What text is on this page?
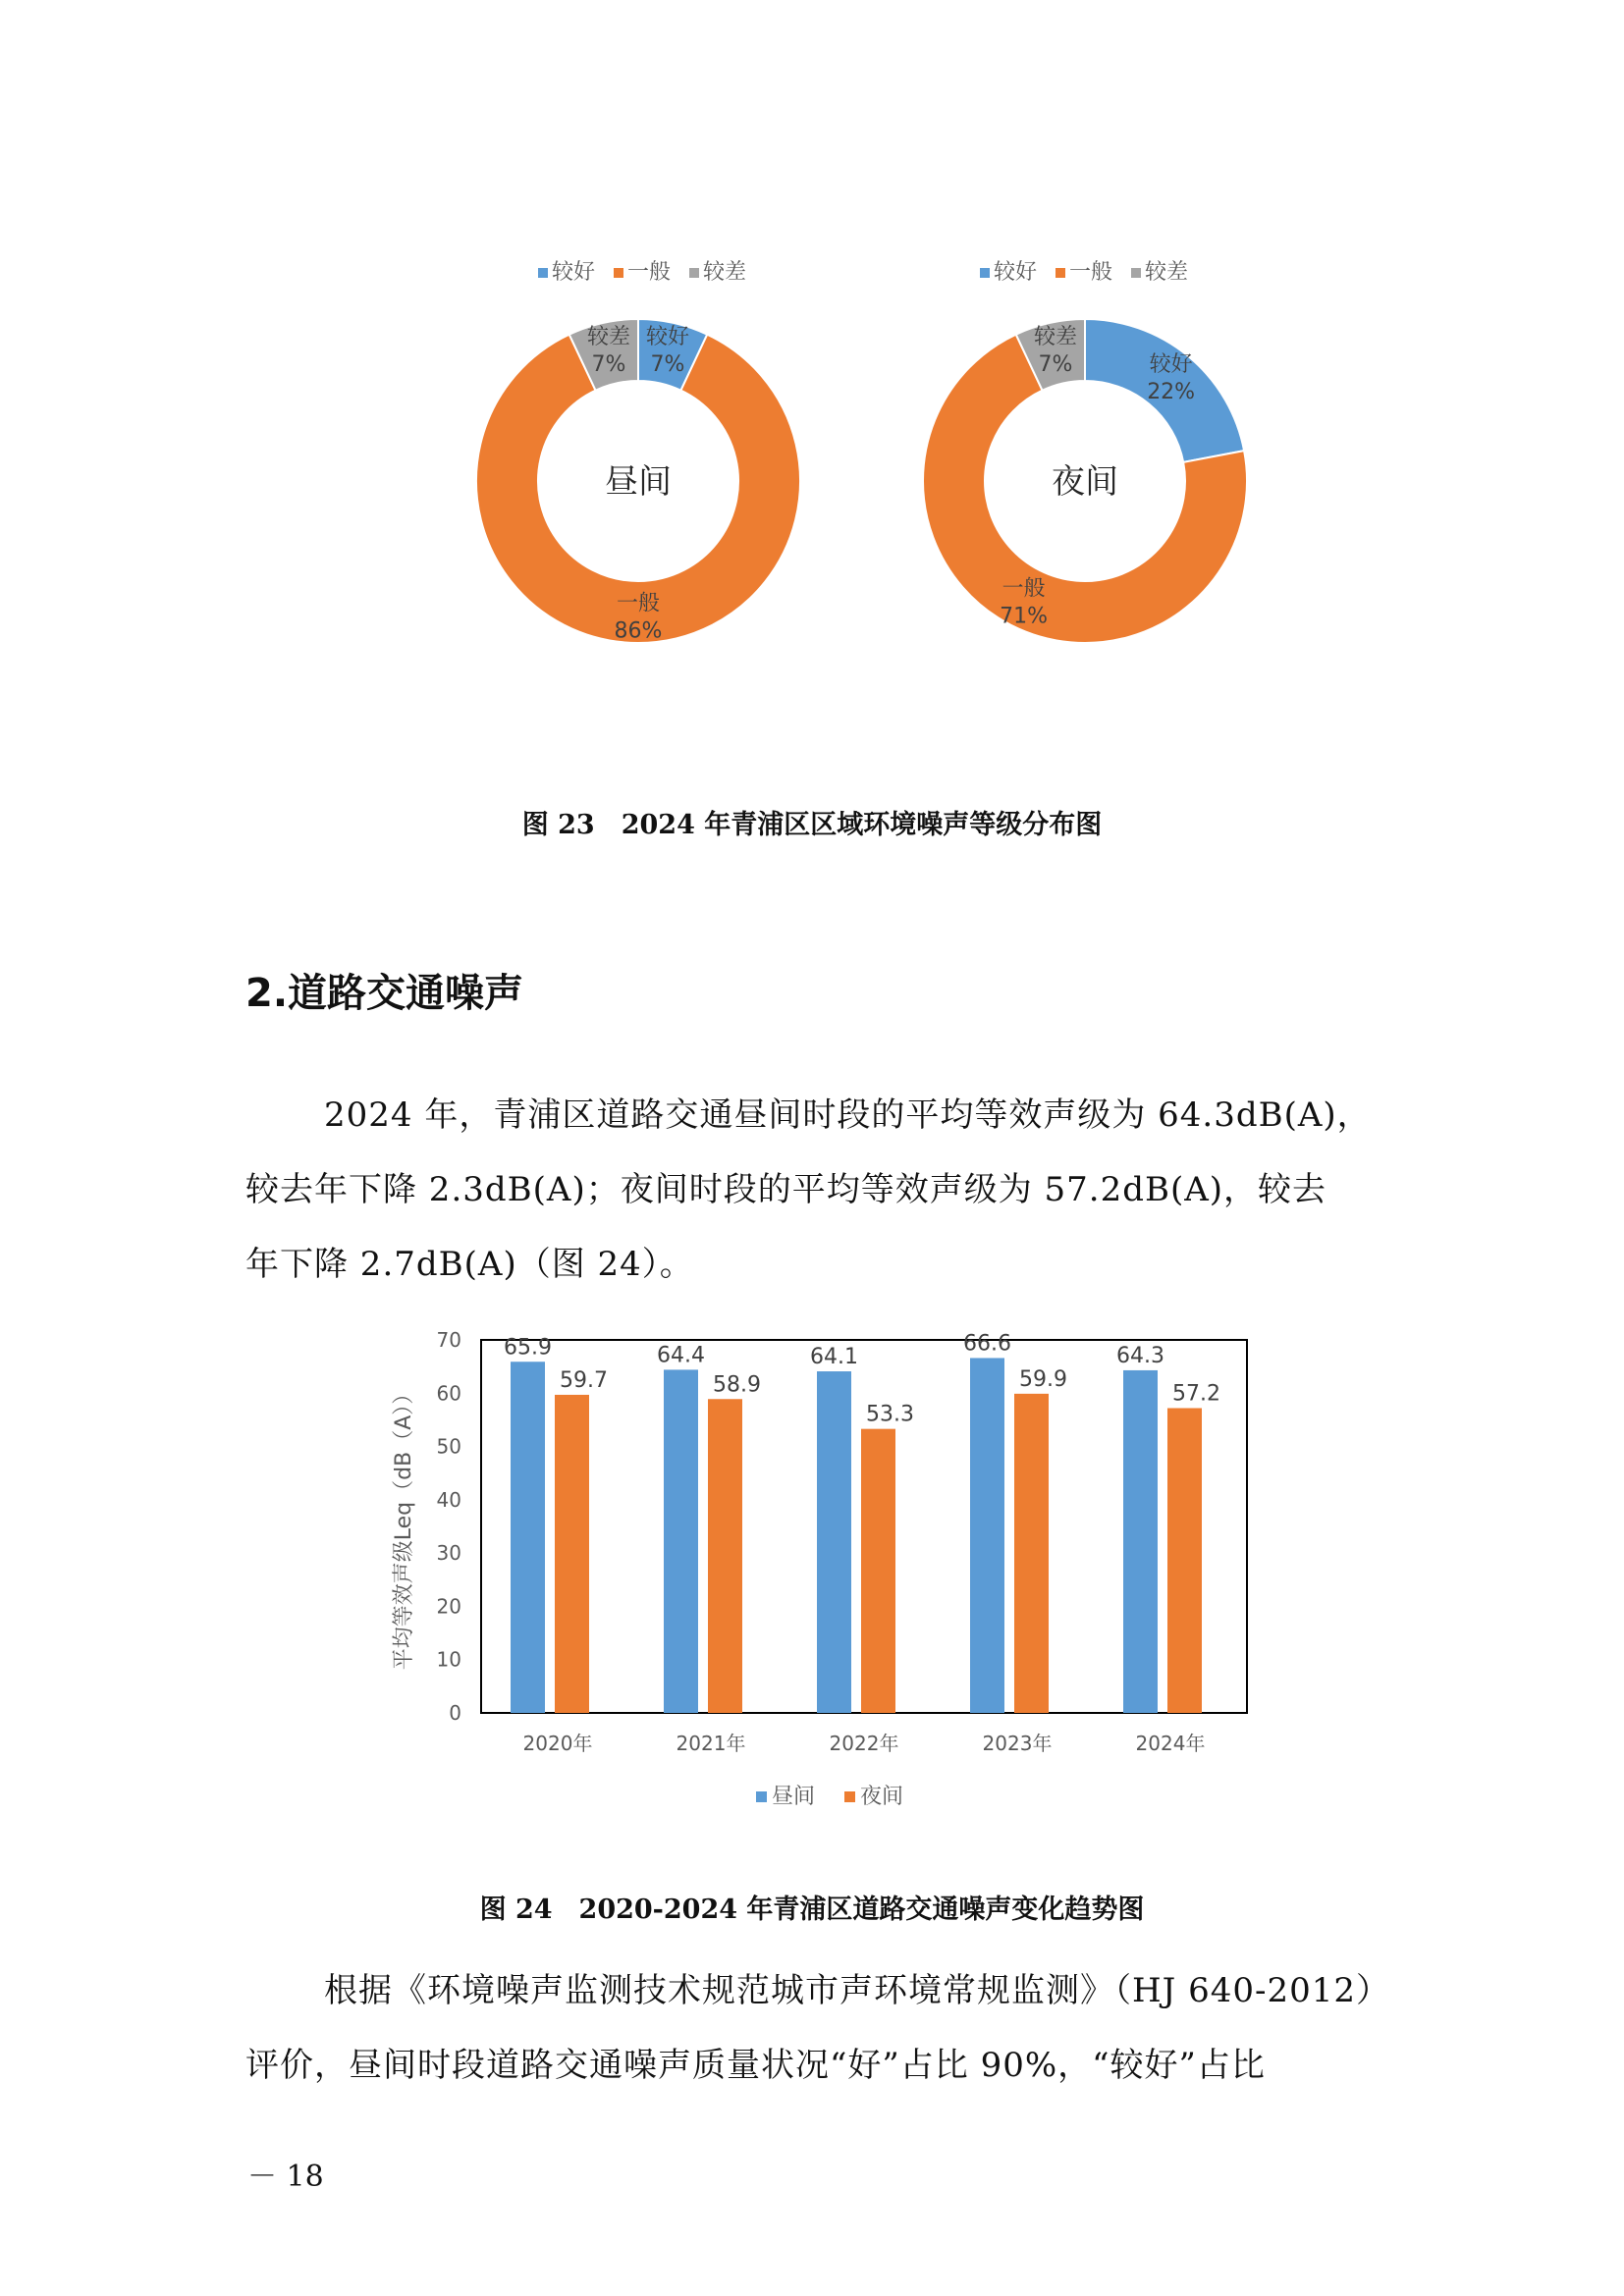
较好 一般 较差	较好 一般 较差
较好
7%
一般
86%
较差
7%
昼间
较好
22%
一般
71%
较差
7%
夜间
图 23　2024 年青浦区区域环境噪声等级分布图
2.道路交通噪声

2024 年，青浦区道路交通昼间时段的平均等效声级为 64.3dB(A)，

较去年下降 2.3dB(A)；夜间时段的平均等效声级为 57.2dB(A)，较去

年下降 2.7dB(A)（图 24）。

0
10
20
30
40
50
60
70
平均等效声级Leq（dB（A））
65.9
59.7
2020年
64.4
58.9
2021年
64.1
53.3
2022年
66.6
59.9
2023年
64.3
57.2
2024年
昼间 夜间
图 24　2020-2024 年青浦区道路交通噪声变化趋势图

根据《环境噪声监测技术规范城市声环境常规监测》（HJ 640-2012）

评价，昼间时段道路交通噪声质量状况“好”占比 90%，“较好”占比

－ 18
